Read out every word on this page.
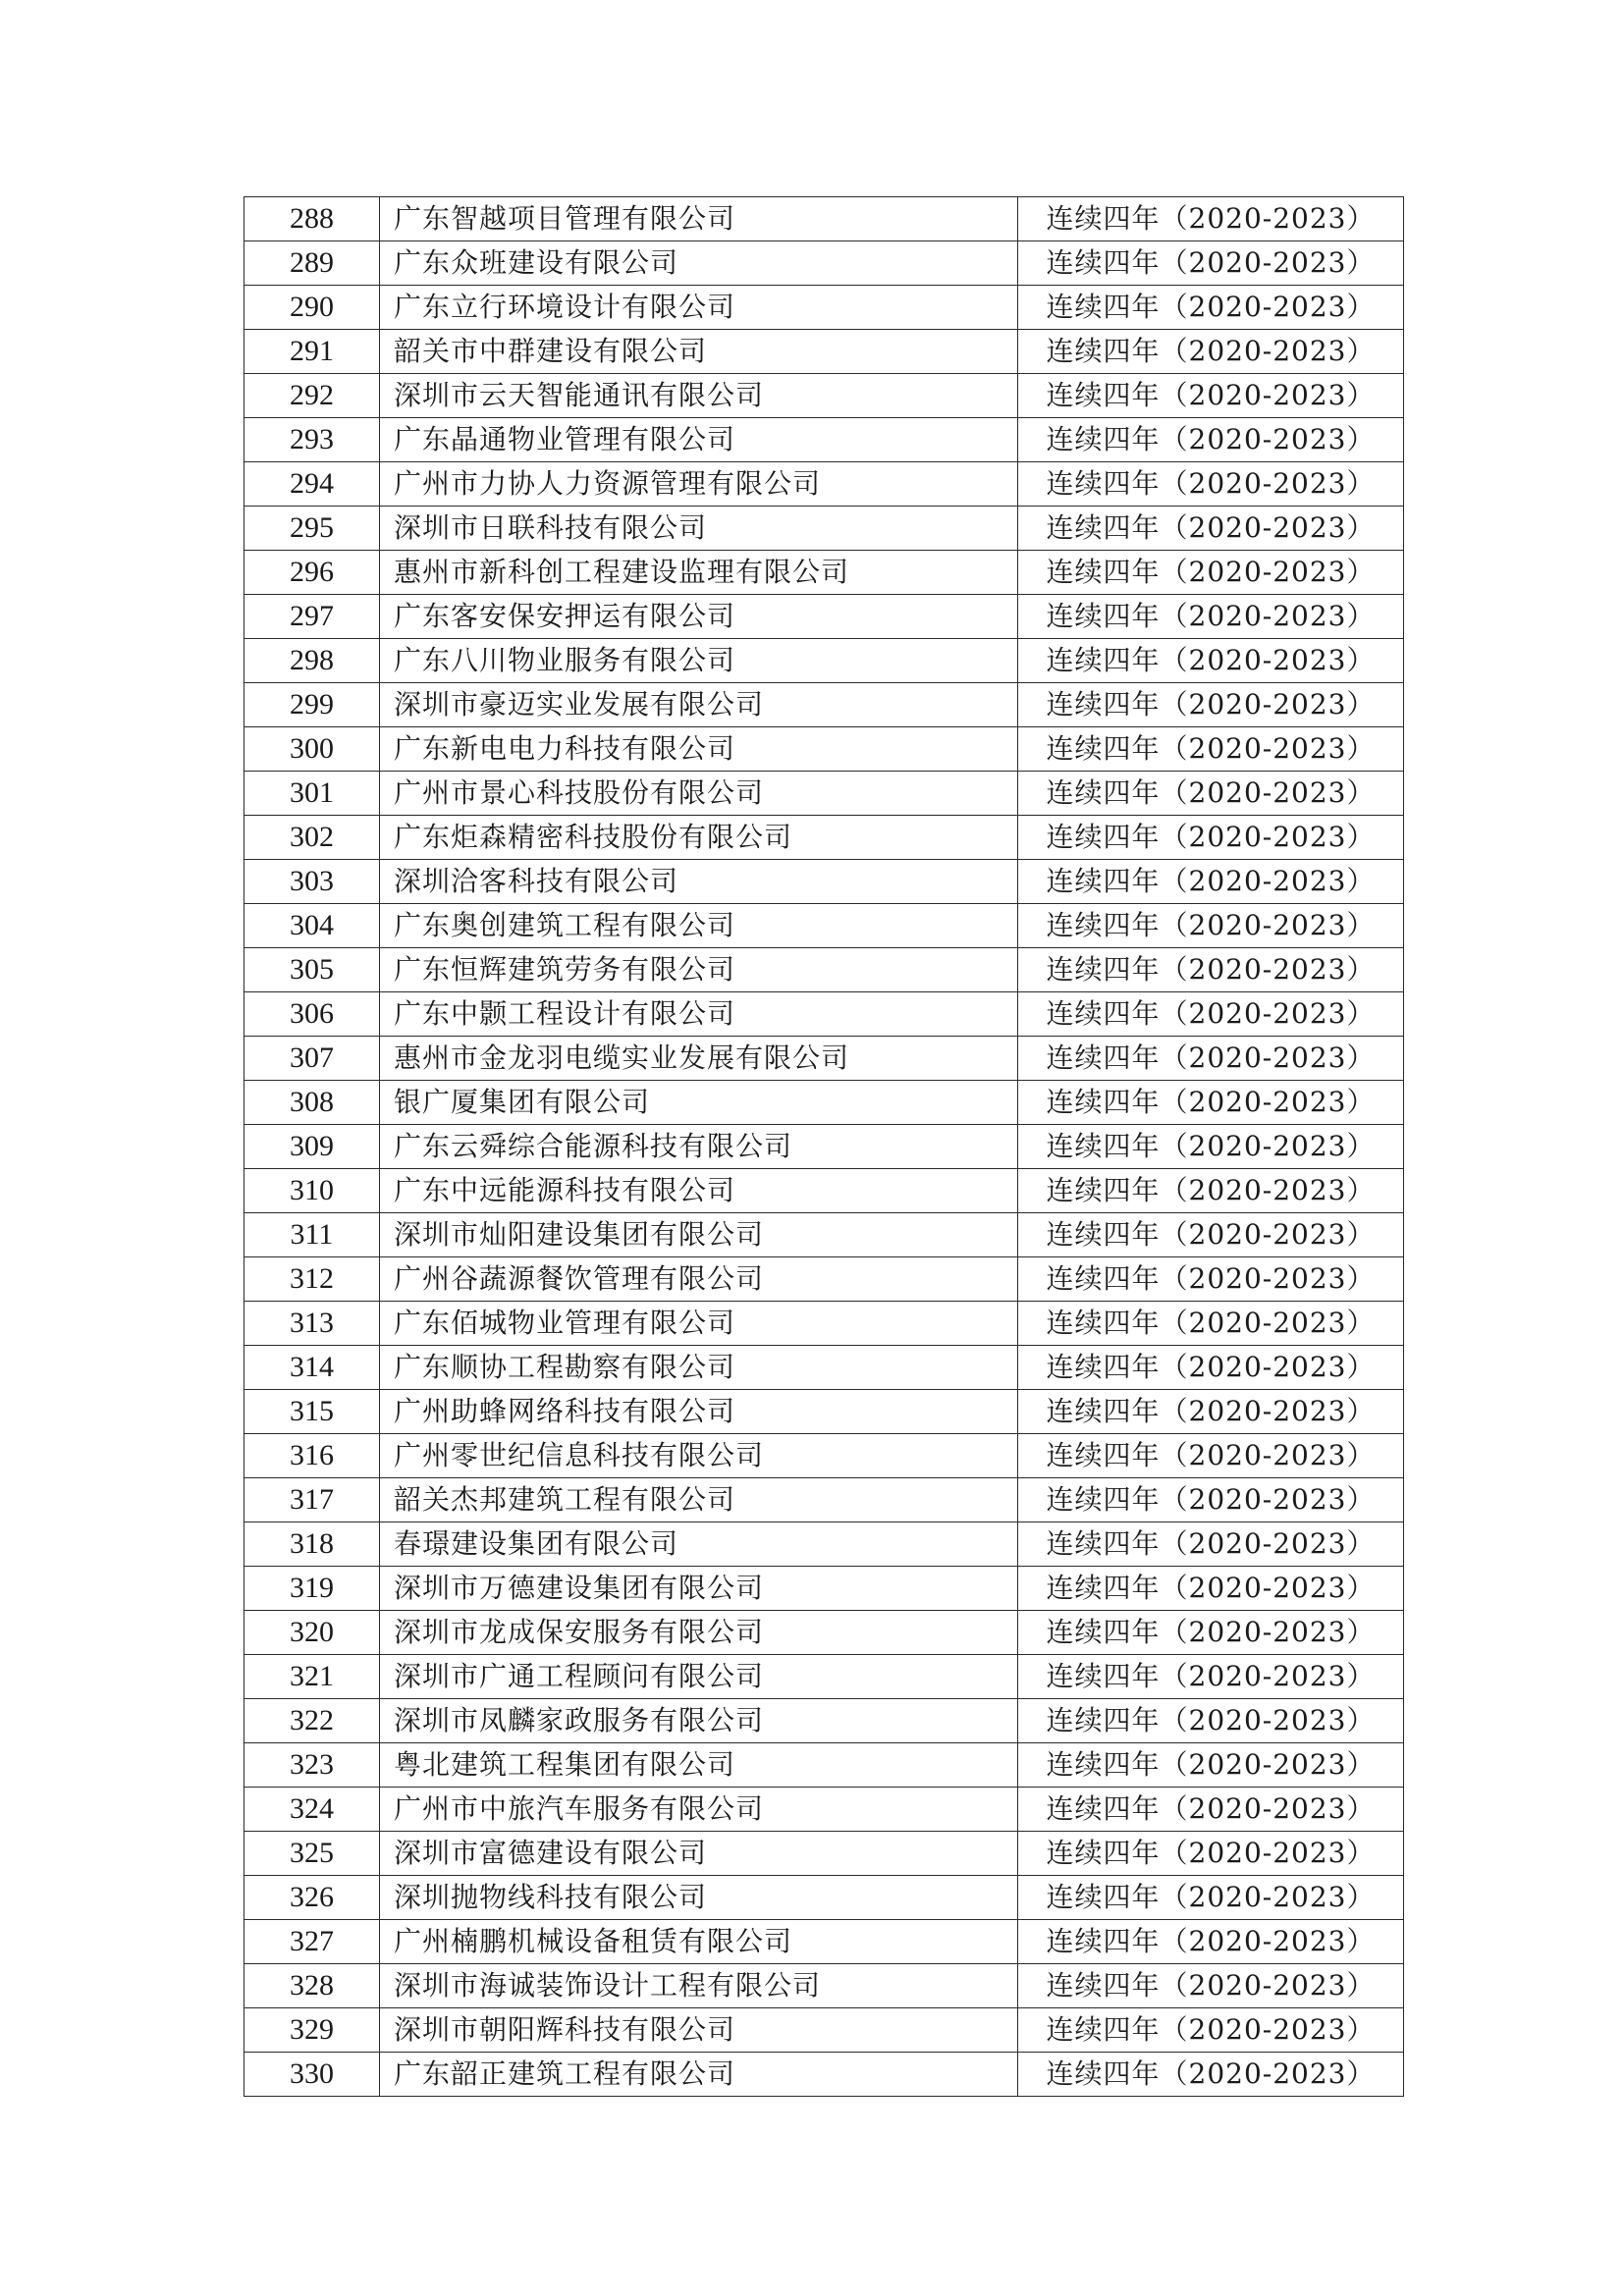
288	广东智越项目管理有限公司	连续四年（2020-2023）
289	广东众班建设有限公司	连续四年（2020-2023）
290	广东立行环境设计有限公司	连续四年（2020-2023）
291	韶关市中群建设有限公司	连续四年（2020-2023）
292	深圳市云天智能通讯有限公司	连续四年（2020-2023）
293	广东晶通物业管理有限公司	连续四年（2020-2023）
294	广州市力协人力资源管理有限公司	连续四年（2020-2023）
295	深圳市日联科技有限公司	连续四年（2020-2023）
296	惠州市新科创工程建设监理有限公司	连续四年（2020-2023）
297	广东客安保安押运有限公司	连续四年（2020-2023）
298	广东八川物业服务有限公司	连续四年（2020-2023）
299	深圳市豪迈实业发展有限公司	连续四年（2020-2023）
300	广东新电电力科技有限公司	连续四年（2020-2023）
301	广州市景心科技股份有限公司	连续四年（2020-2023）
302	广东炬森精密科技股份有限公司	连续四年（2020-2023）
303	深圳洽客科技有限公司	连续四年（2020-2023）
304	广东奥创建筑工程有限公司	连续四年（2020-2023）
305	广东恒辉建筑劳务有限公司	连续四年（2020-2023）
306	广东中颢工程设计有限公司	连续四年（2020-2023）
307	惠州市金龙羽电缆实业发展有限公司	连续四年（2020-2023）
308	银广厦集团有限公司	连续四年（2020-2023）
309	广东云舜综合能源科技有限公司	连续四年（2020-2023）
310	广东中远能源科技有限公司	连续四年（2020-2023）
311	深圳市灿阳建设集团有限公司	连续四年（2020-2023）
312	广州谷蔬源餐饮管理有限公司	连续四年（2020-2023）
313	广东佰城物业管理有限公司	连续四年（2020-2023）
314	广东顺协工程勘察有限公司	连续四年（2020-2023）
315	广州助蜂网络科技有限公司	连续四年（2020-2023）
316	广州零世纪信息科技有限公司	连续四年（2020-2023）
317	韶关杰邦建筑工程有限公司	连续四年（2020-2023）
318	春璟建设集团有限公司	连续四年（2020-2023）
319	深圳市万德建设集团有限公司	连续四年（2020-2023）
320	深圳市龙成保安服务有限公司	连续四年（2020-2023）
321	深圳市广通工程顾问有限公司	连续四年（2020-2023）
322	深圳市凤麟家政服务有限公司	连续四年（2020-2023）
323	粤北建筑工程集团有限公司	连续四年（2020-2023）
324	广州市中旅汽车服务有限公司	连续四年（2020-2023）
325	深圳市富德建设有限公司	连续四年（2020-2023）
326	深圳抛物线科技有限公司	连续四年（2020-2023）
327	广州楠鹏机械设备租赁有限公司	连续四年（2020-2023）
328	深圳市海诚装饰设计工程有限公司	连续四年（2020-2023）
329	深圳市朝阳辉科技有限公司	连续四年（2020-2023）
330	广东韶正建筑工程有限公司	连续四年（2020-2023）
